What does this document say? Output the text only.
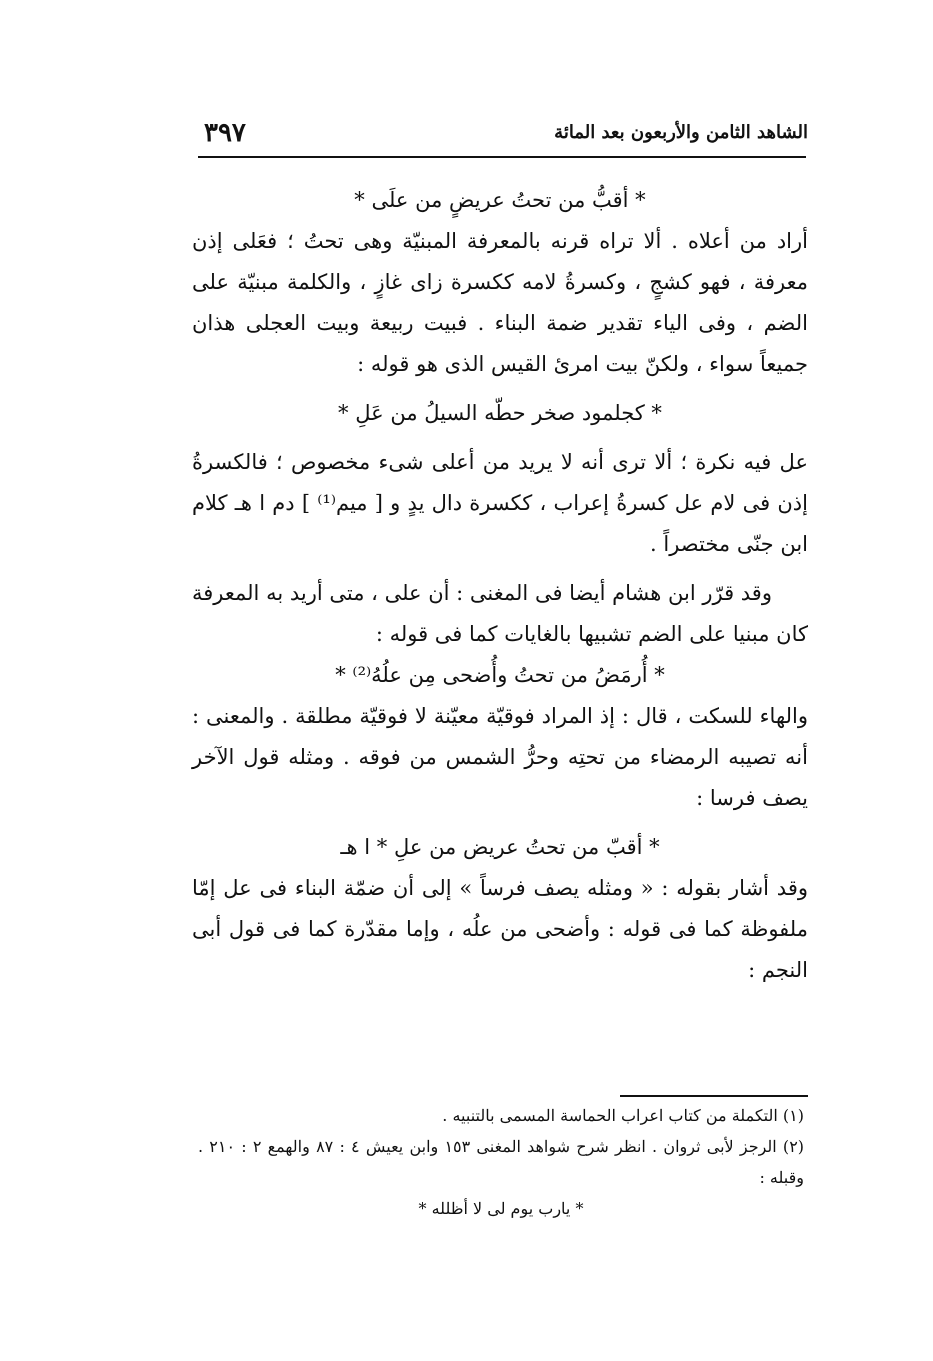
الشاهد الثامن والأربعون بعد المائة
٣٩٧

* أقبُّ من تحتُ عريضٍ من علَى *

أراد من أعلاه . ألا تراه قرنه بالمعرفة المبنيّة وهى تحتُ ؛ فعَلى إذن معرفة ، فهو كشجٍ ، وكسرةُ لامه ككسرة زاى غازٍ ، والكلمة مبنيّة على الضم ، وفى الياء تقدير ضمة البناء . فبيت ربيعة وبيت العجلى هذان جميعاً سواء ، ولكنّ بيت امرئ القيس الذى هو قوله :

* كجلمود صخر حطّه السيلُ من عَلِ *

عل فيه نكرة ؛ ألا ترى أنه لا يريد من أعلى شىء مخصوص ؛ فالكسرةُ إذن فى لام عل كسرةُ إعراب ، ككسرة دال يدٍ و [ ميم⁽¹⁾ ] دم ا هـ كلام ابن جنّى مختصراً .

وقد قرّر ابن هشام أيضا فى المغنى : أن على ، متى أريد به المعرفة كان مبنيا على الضم تشبيها بالغايات كما فى قوله :

* أُرمَضُ من تحتُ وأُضحى مِن علُهُ⁽²⁾ *

والهاء للسكت ، قال : إذ المراد فوقيّة معيّنة لا فوقيّة مطلقة . والمعنى : أنه تصيبه الرمضاء من تحتِه وحرُّ الشمس من فوقه . ومثله قول الآخر يصف فرسا :

* أقبّ من تحتُ عريض من علِ * ا هـ

وقد أشار بقوله : « ومثله يصف فرساً » إلى أن ضمّة البناء فى عل إمّا ملفوظة كما فى قوله : وأضحى من علُه ، وإما مقدّرة كما فى قول أبى النجم :

(١) التكملة من كتاب اعراب الحماسة المسمى بالتنبيه .

(٢) الرجز لأبى ثروان . انظر شرح شواهد المغنى ١٥٣ وابن يعيش ٤ : ٨٧ والهمع ٢ : ٢١٠ . وقبله :

* يارب يوم لى لا أظلله *
